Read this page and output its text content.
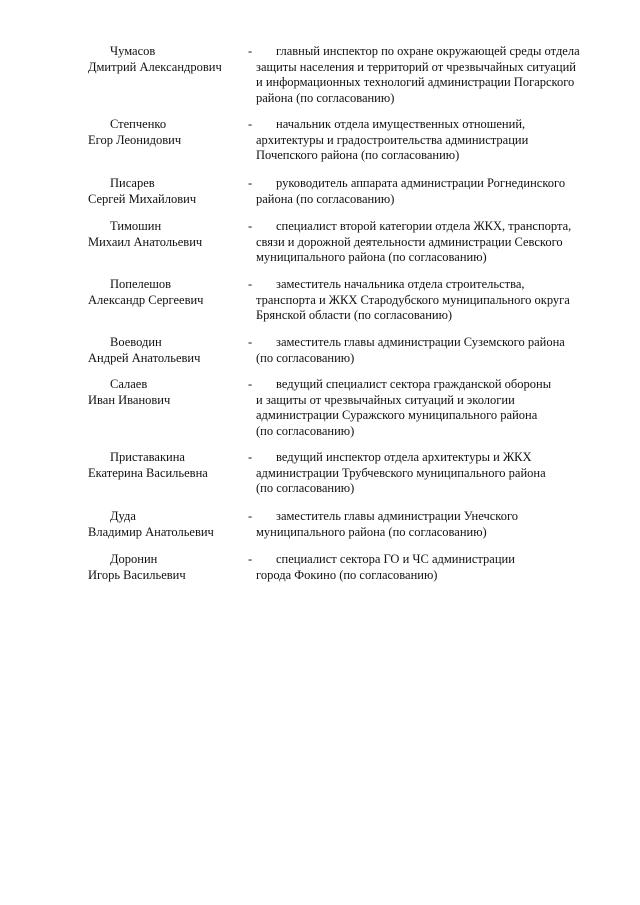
Чумасов
Дмитрий Александрович
-	главный инспектор по охране окружающей среды отдела
защиты населения и территорий от чрезвычайных ситуаций
и информационных технологий администрации Погарского
района (по согласованию)
Степченко
Егор Леонидович
-	начальник отдела имущественных отношений,
архитектуры и градостроительства администрации
Почепского района (по согласованию)
Писарев
Сергей Михайлович
-	руководитель аппарата администрации Рогнединского
района (по согласованию)
Тимошин
Михаил Анатольевич
-	специалист второй категории отдела ЖКХ, транспорта,
связи и дорожной деятельности администрации Севского
муниципального района (по согласованию)
Попелешов
Александр Сергеевич
-	заместитель начальника отдела строительства,
транспорта и ЖКХ Стародубского муниципального округа
Брянской области (по согласованию)
Воеводин
Андрей Анатольевич
-	заместитель главы администрации Суземского района
(по согласованию)
Салаев
Иван Иванович
-	ведущий специалист сектора гражданской обороны
и защиты от чрезвычайных ситуаций и экологии
администрации Суражского муниципального района
(по согласованию)
Приставакина
Екатерина Васильевна
-	ведущий инспектор отдела архитектуры и ЖКХ
администрации Трубчевского муниципального района
(по согласованию)
Дуда
Владимир Анатольевич
-	заместитель главы администрации Унечского
муниципального района (по согласованию)
Доронин
Игорь Васильевич
-	специалист сектора ГО и ЧС администрации
города Фокино (по согласованию)
